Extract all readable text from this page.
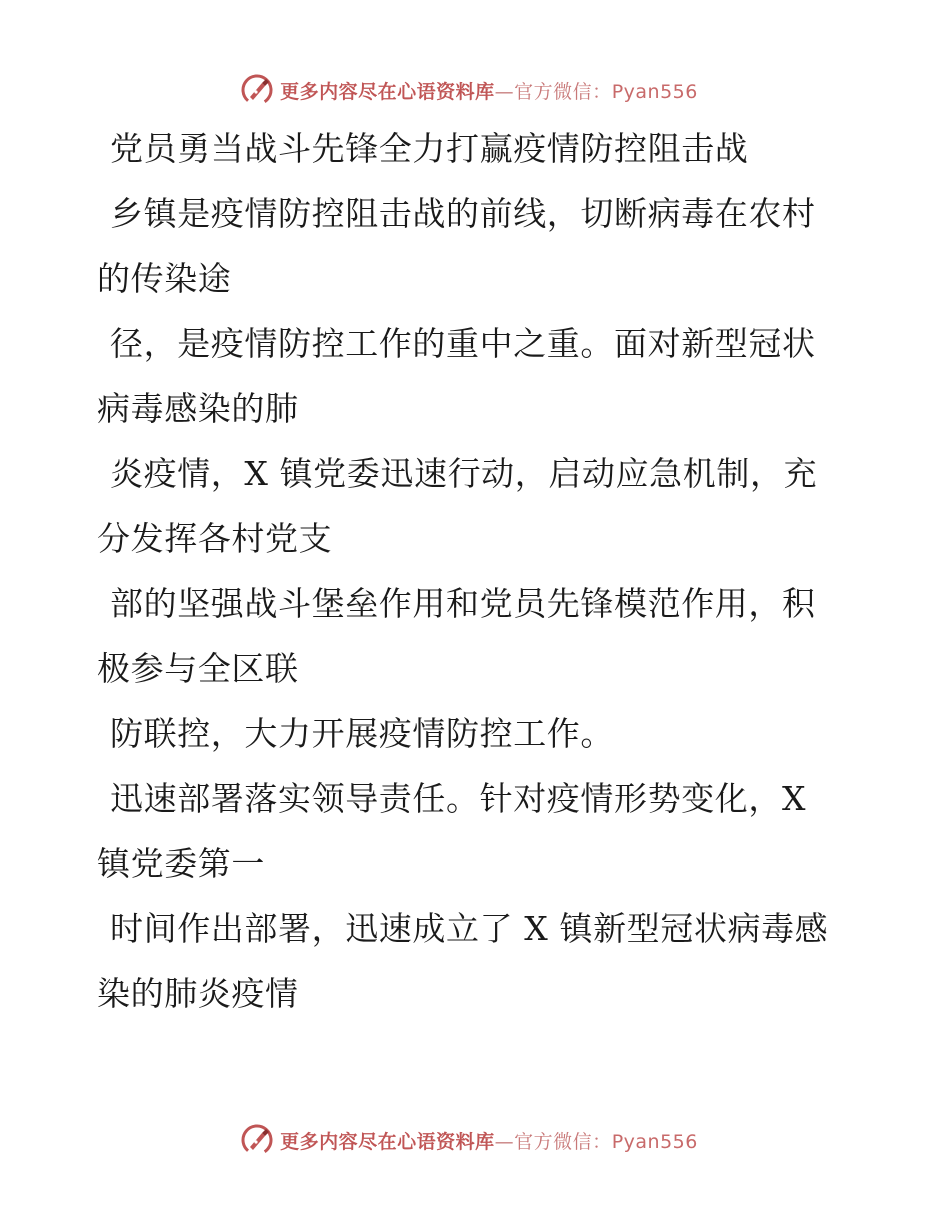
更多内容尽在心语资料库—官方微信：Pyan556

党员勇当战斗先锋全力打赢疫情防控阻击战

乡镇是疫情防控阻击战的前线，切断病毒在农村
的传染途

径，是疫情防控工作的重中之重。面对新型冠状
病毒感染的肺

炎疫情，X 镇党委迅速行动，启动应急机制，充
分发挥各村党支

部的坚强战斗堡垒作用和党员先锋模范作用，积
极参与全区联

防联控，大力开展疫情防控工作。

迅速部署落实领导责任。针对疫情形势变化，X
镇党委第一

时间作出部署，迅速成立了 X 镇新型冠状病毒感
染的肺炎疫情

更多内容尽在心语资料库—官方微信：Pyan556
